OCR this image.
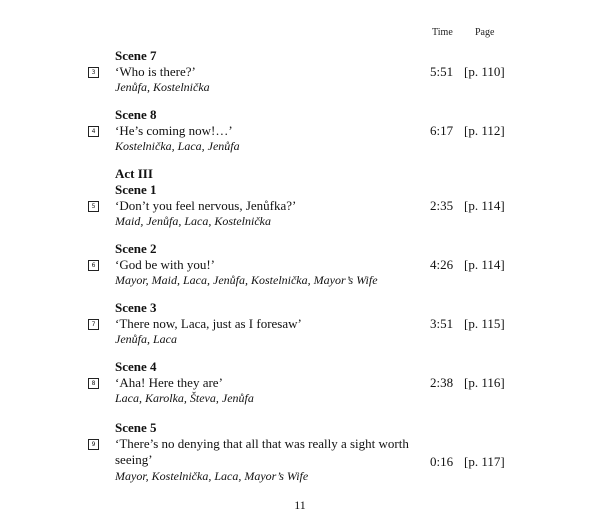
Time Page
Scene 7
3 ‘Who is there?’
Jenůfa, Kostelnička
5:51 [p. 110]
Scene 8
4 ‘He’s coming now!…’
Kostelnička, Laca, Jenůfa
6:17 [p. 112]
Act III
Scene 1
5 ‘Don’t you feel nervous, Jenůfka?’
Maid, Jenůfa, Laca, Kostelnička
2:35 [p. 114]
Scene 2
6 ‘God be with you!’
Mayor, Maid, Laca, Jenůfa, Kostelnička, Mayor’s Wife
4:26 [p. 114]
Scene 3
7 ‘There now, Laca, just as I foresaw’
Jenůfa, Laca
3:51 [p. 115]
Scene 4
8 ‘Aha! Here they are’
Laca, Karolka, Števa, Jenůfa
2:38 [p. 116]
Scene 5
9 ‘There’s no denying that all that was really a sight worth seeing’
Mayor, Kostelnička, Laca, Mayor’s Wife
0:16 [p. 117]
11
